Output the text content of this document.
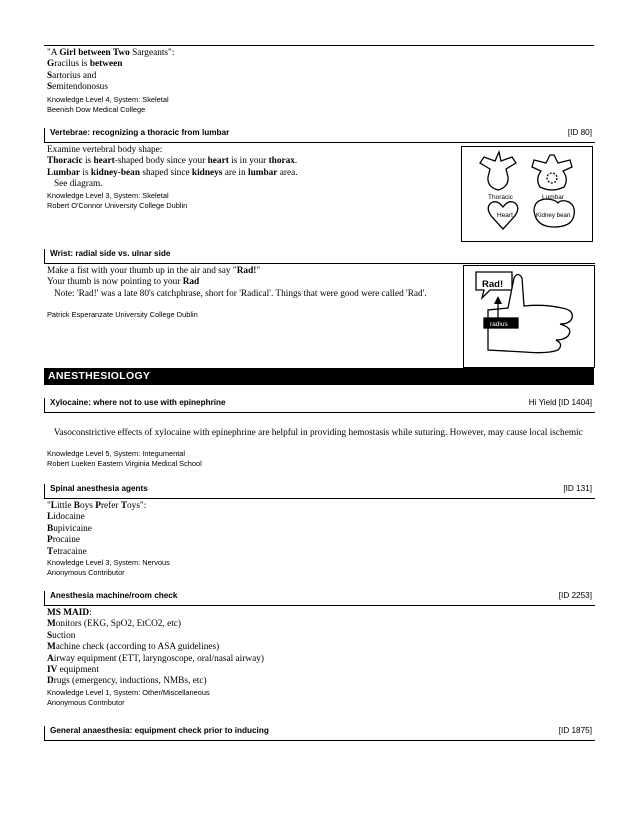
"A Girl between Two Sargeants":
Gracilus is between
Sartorius and
Semitendonosus
Knowledge Level 4, System: Skeletal
Beenish Dow Medical College
Vertebrae: recognizing a thoracic from lumbar	[ID 80]
Examine vertebral body shape:
Thoracic is heart-shaped body since your heart is in your thorax.
Lumbar is kidney-bean shaped since kidneys are in lumbar area.
See diagram.
Knowledge Level 3, System: Skeletal
Robert O'Connor University College Dublin
Thoracic	Lumbar
Heart	Kidney bean
Wrist: radial side vs. ulnar side
Make a fist with your thumb up in the air and say "Rad!"
Your thumb is now pointing to your Rad
Note: 'Rad!' was a late 80's catchphrase, short for 'Radical'. Things that were good were called 'Rad'.
Patrick Esperanzate University College Dublin
Rad!
radius
ANESTHESIOLOGY
Xylocaine: where not to use with epinephrine	Hi Yield [ID 1404]
Vasoconstrictive effects of xylocaine with epinephrine are helpful in providing hemostasis while suturing. However, may cause local ischemic
Knowledge Level 5, System: Integumental
Robert Lueken Eastern Virginia Medical School
Spinal anesthesia agents	[ID 131]
"Little Boys Prefer Toys":
Lidocaine
Bupivicaine
Procaine
Tetracaine
Knowledge Level 3, System: Nervous
Anonymous Contributor
Anesthesia machine/room check	[ID 2253]
MS MAID:
Monitors (EKG, SpO2, EtCO2, etc)
Suction
Machine check (according to ASA guidelines)
Airway equipment (ETT, laryngoscope, oral/nasal airway)
IV equipment
Drugs (emergency, inductions, NMBs, etc)
Knowledge Level 1, System: Other/Miscellaneous
Anonymous Contributor
General anaesthesia: equipment check prior to inducing	[ID 1875]
